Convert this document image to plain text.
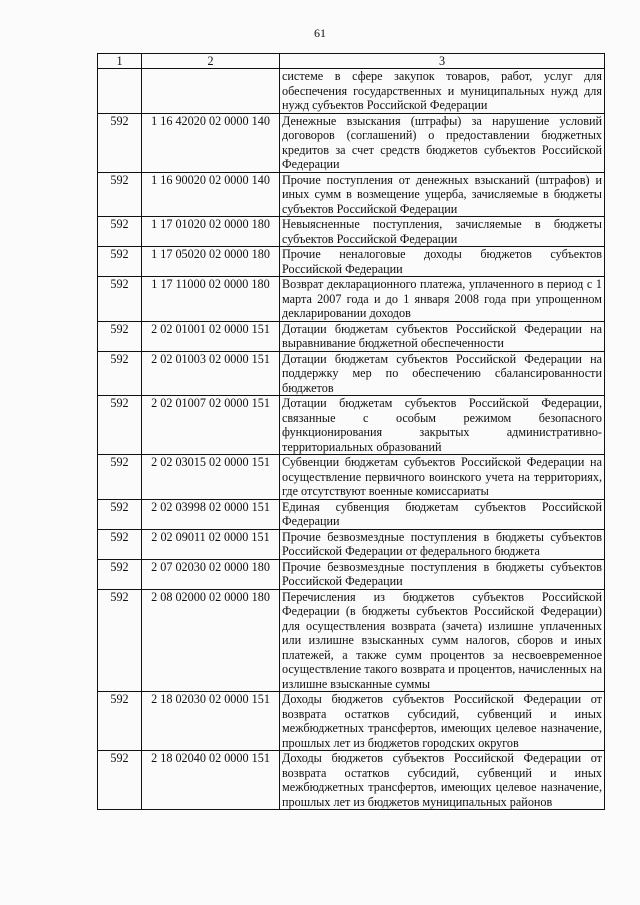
61
1	2	3
		системе в сфере закупок товаров, работ, услуг для обеспечения государственных и муниципальных нужд для нужд субъектов Российской Федерации
592	1 16 42020 02 0000 140	Денежные взыскания (штрафы) за нарушение условий договоров (соглашений) о предоставлении бюджетных кредитов за счет средств бюджетов субъектов Российской Федерации
592	1 16 90020 02 0000 140	Прочие поступления от денежных взысканий (штрафов) и иных сумм в возмещение ущерба, зачисляемые в бюджеты субъектов Российской Федерации
592	1 17 01020 02 0000 180	Невыясненные поступления, зачисляемые в бюджеты субъектов Российской Федерации
592	1 17 05020 02 0000 180	Прочие неналоговые доходы бюджетов субъектов Российской Федерации
592	1 17 11000 02 0000 180	Возврат декларационного платежа, уплаченного в период с 1 марта 2007 года и до 1 января 2008 года при упрощенном декларировании доходов
592	2 02 01001 02 0000 151	Дотации бюджетам субъектов Российской Федерации на выравнивание бюджетной обеспеченности
592	2 02 01003 02 0000 151	Дотации бюджетам субъектов Российской Федерации на поддержку мер по обеспечению сбалансированности бюджетов
592	2 02 01007 02 0000 151	Дотации бюджетам субъектов Российской Федерации, связанные с особым режимом безопасного функционирования закрытых административно-территориальных образований
592	2 02 03015 02 0000 151	Субвенции бюджетам субъектов Российской Федерации на осуществление первичного воинского учета на территориях, где отсутствуют военные комиссариаты
592	2 02 03998 02 0000 151	Единая субвенция бюджетам субъектов Российской Федерации
592	2 02 09011 02 0000 151	Прочие безвозмездные поступления в бюджеты субъектов Российской Федерации от федерального бюджета
592	2 07 02030 02 0000 180	Прочие безвозмездные поступления в бюджеты субъектов Российской Федерации
592	2 08 02000 02 0000 180	Перечисления из бюджетов субъектов Российской Федерации (в бюджеты субъектов Российской Федерации) для осуществления возврата (зачета) излишне уплаченных или излишне взысканных сумм налогов, сборов и иных платежей, а также сумм процентов за несвоевременное осуществление такого возврата и процентов, начисленных на излишне взысканные суммы
592	2 18 02030 02 0000 151	Доходы бюджетов субъектов Российской Федерации от возврата остатков субсидий, субвенций и иных межбюджетных трансфертов, имеющих целевое назначение, прошлых лет из бюджетов городских округов
592	2 18 02040 02 0000 151	Доходы бюджетов субъектов Российской Федерации от возврата остатков субсидий, субвенций и иных межбюджетных трансфертов, имеющих целевое назначение, прошлых лет из бюджетов муниципальных районов
